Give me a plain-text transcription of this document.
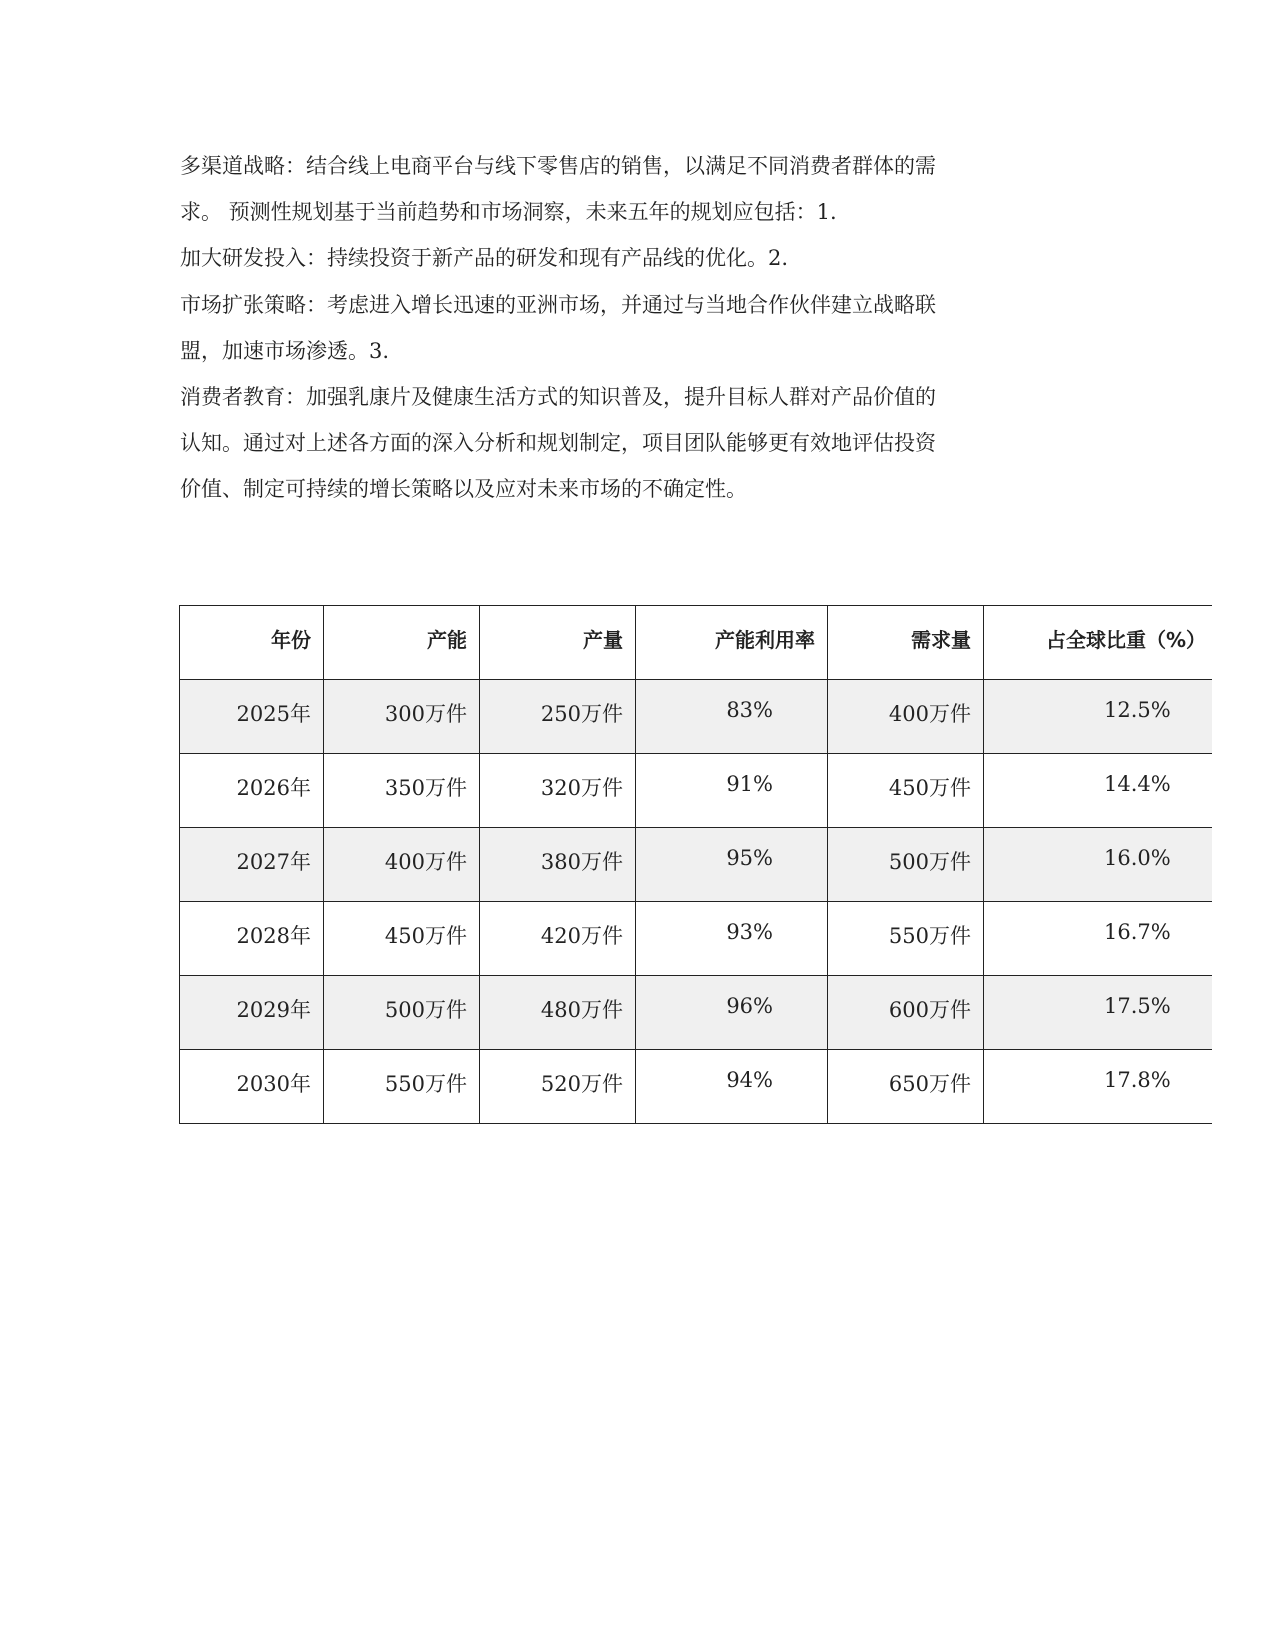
多渠道战略：结合线上电商平台与线下零售店的销售，以满足不同消费者群体的需
求。 预测性规划基于当前趋势和市场洞察，未来五年的规划应包括：1.
加大研发投入：持续投资于新产品的研发和现有产品线的优化。2.
市场扩张策略：考虑进入增长迅速的亚洲市场，并通过与当地合作伙伴建立战略联
盟，加速市场渗透。3.
消费者教育：加强乳康片及健康生活方式的知识普及，提升目标人群对产品价值的
认知。通过对上述各方面的深入分析和规划制定，项目团队能够更有效地评估投资
价值、制定可持续的增长策略以及应对未来市场的不确定性。
年份	产能	产量	产能利用率	需求量	占全球比重（%）
2025年	300万件	250万件	83%	400万件	12.5%
2026年	350万件	320万件	91%	450万件	14.4%
2027年	400万件	380万件	95%	500万件	16.0%
2028年	450万件	420万件	93%	550万件	16.7%
2029年	500万件	480万件	96%	600万件	17.5%
2030年	550万件	520万件	94%	650万件	17.8%
